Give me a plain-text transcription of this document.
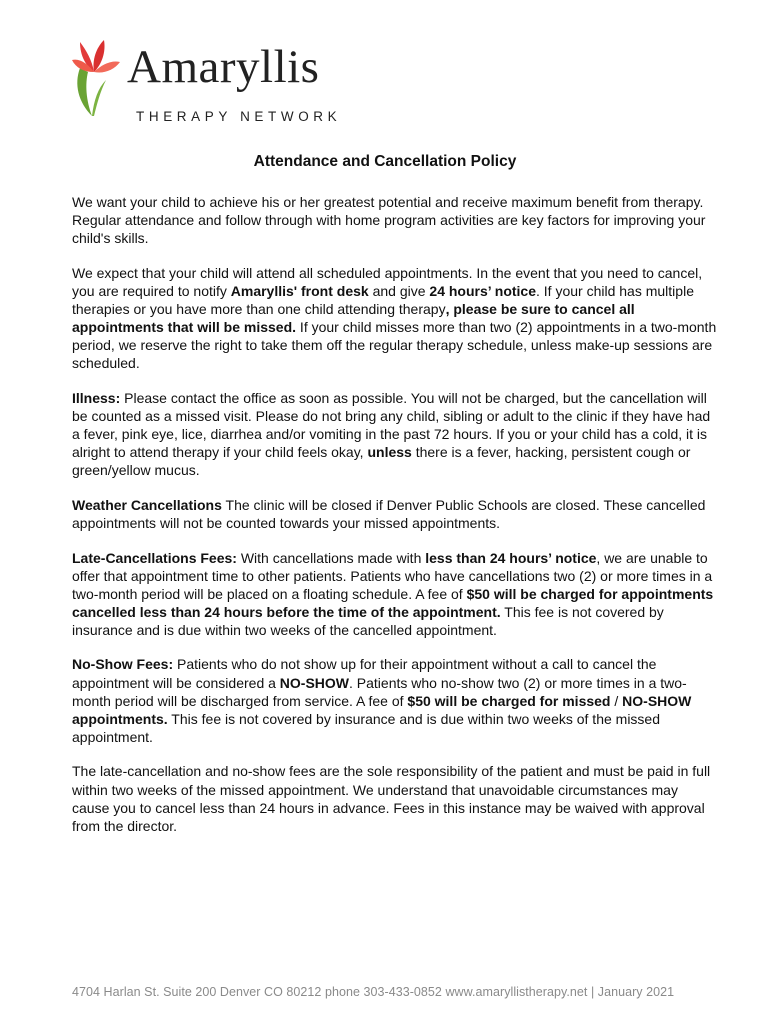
Amaryllis
THERAPY NETWORK
Attendance and Cancellation Policy

We want your child to achieve his or her greatest potential and receive maximum benefit from therapy. Regular attendance and follow through with home program activities are key factors for improving your child's skills.

We expect that your child will attend all scheduled appointments. In the event that you need to cancel, you are required to notify Amaryllis' front desk and give 24 hours’ notice. If your child has multiple therapies or you have more than one child attending therapy, please be sure to cancel all appointments that will be missed. If your child misses more than two (2) appointments in a two-month period, we reserve the right to take them off the regular therapy schedule, unless make-up sessions are scheduled.

Illness: Please contact the office as soon as possible. You will not be charged, but the cancellation will be counted as a missed visit. Please do not bring any child, sibling or adult to the clinic if they have had a fever, pink eye, lice, diarrhea and/or vomiting in the past 72 hours. If you or your child has a cold, it is alright to attend therapy if your child feels okay, unless there is a fever, hacking, persistent cough or green/yellow mucus.

Weather Cancellations The clinic will be closed if Denver Public Schools are closed. These cancelled appointments will not be counted towards your missed appointments.

Late-Cancellations Fees: With cancellations made with less than 24 hours’ notice, we are unable to offer that appointment time to other patients. Patients who have cancellations two (2) or more times in a two-month period will be placed on a floating schedule. A fee of $50 will be charged for appointments cancelled less than 24 hours before the time of the appointment. This fee is not covered by insurance and is due within two weeks of the cancelled appointment.

No-Show Fees: Patients who do not show up for their appointment without a call to cancel the appointment will be considered a NO-SHOW. Patients who no-show two (2) or more times in a two-month period will be discharged from service. A fee of $50 will be charged for missed / NO-SHOW appointments. This fee is not covered by insurance and is due within two weeks of the missed appointment.

The late-cancellation and no-show fees are the sole responsibility of the patient and must be paid in full within two weeks of the missed appointment. We understand that unavoidable circumstances may cause you to cancel less than 24 hours in advance. Fees in this instance may be waived with approval from the director.

4704 Harlan St. Suite 200 Denver CO 80212 phone 303-433-0852 www.amaryllistherapy.net | January 2021
